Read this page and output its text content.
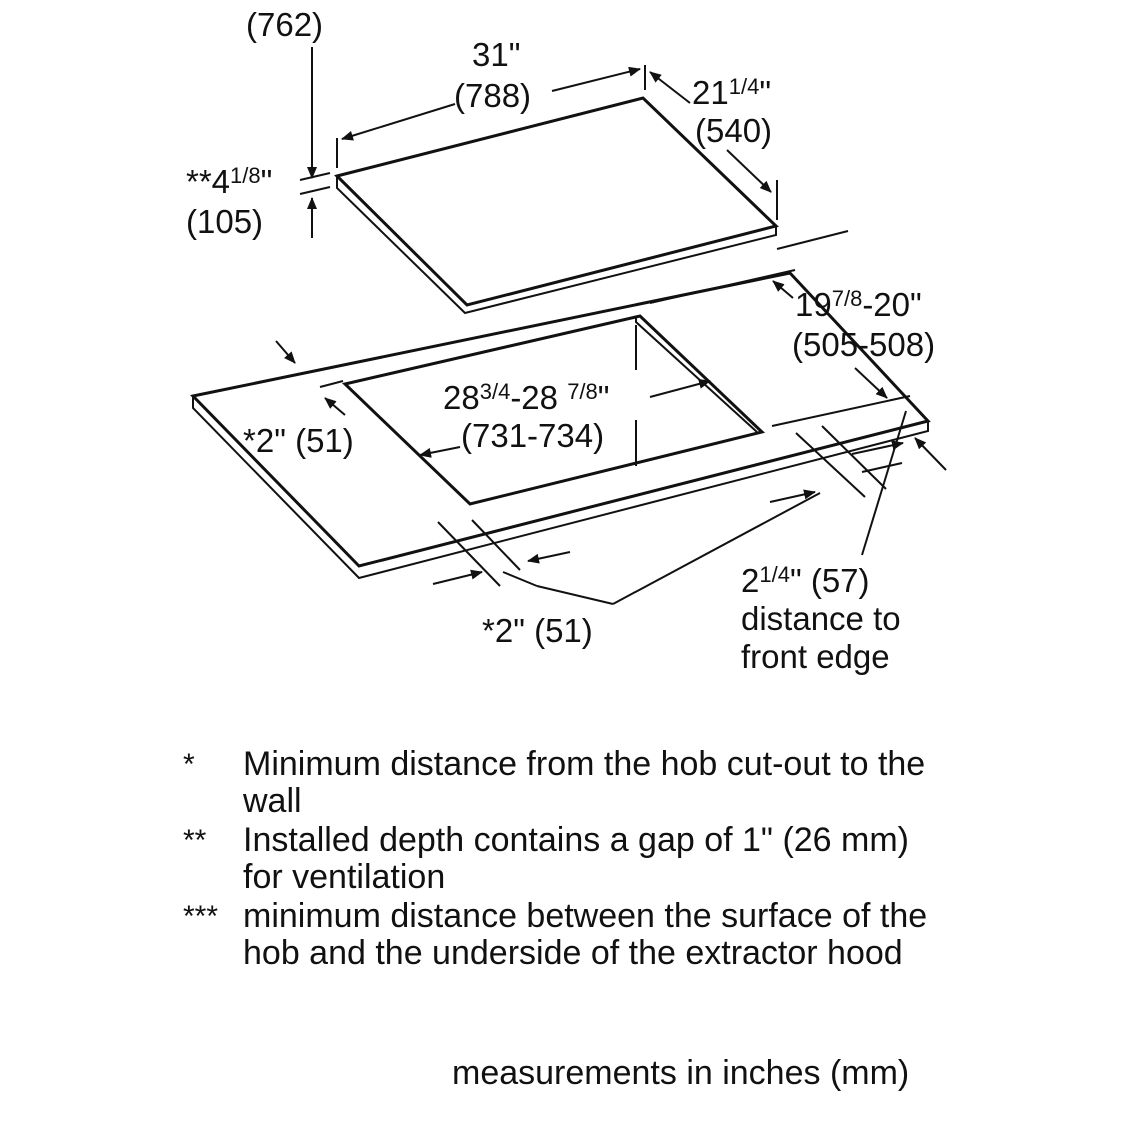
(762)
31"
(788)	$21^{1/4}$"
(540)
$**4^{1/8}$"
(105)
$19^{7/8}-20$"
(505-508)
$28^{3/4}-28$ $^{7/8}$"
(731-734)
*2" (51)
*2" (51)
$2^{1/4}$" (57)
distance to
front edge
*	Minimum distance from the hob cut-out to the wall
**	Installed depth contains a gap of 1" (26 mm) for ventilation
*** minimum distance between the surface of the hob and the underside of the extractor hood
measurements in inches (mm)
